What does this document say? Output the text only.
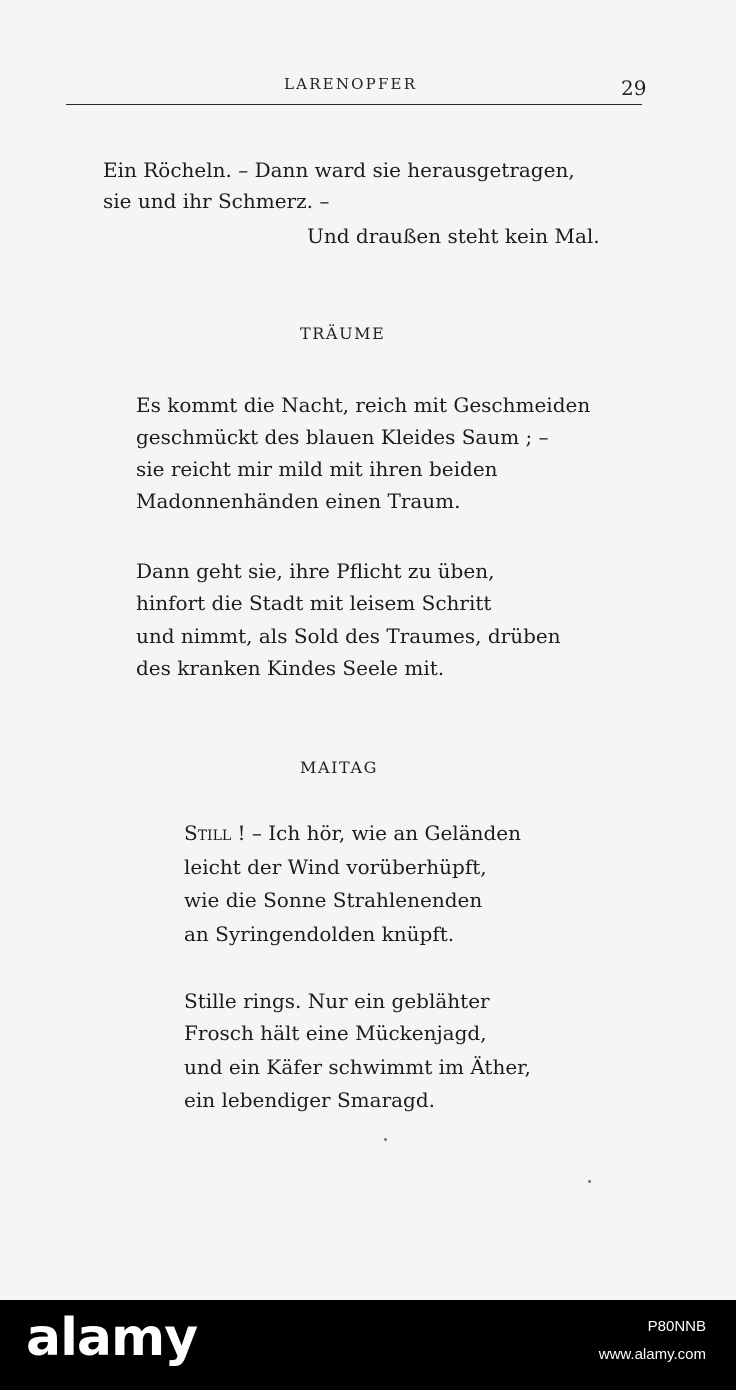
LARENOPFER	29
Ein Röcheln. – Dann ward sie herausgetragen,
sie und ihr Schmerz. –
Und draußen steht kein Mal.
TRÄUME
Es kommt die Nacht, reich mit Geschmeiden
geschmückt des blauen Kleides Saum ; –
sie reicht mir mild mit ihren beiden
Madonnenhänden einen Traum.
Dann geht sie, ihre Pflicht zu üben,
hinfort die Stadt mit leisem Schritt
und nimmt, als Sold des Traumes, drüben
des kranken Kindes Seele mit.
MAITAG
Still ! – Ich hör, wie an Geländen
leicht der Wind vorüberhüpft,
wie die Sonne Strahlenenden
an Syringendolden knüpft.
Stille rings. Nur ein geblähter
Frosch hält eine Mückenjagd,
und ein Käfer schwimmt im Äther,
ein lebendiger Smaragd.
alamy	P80NNB
www.alamy.com
